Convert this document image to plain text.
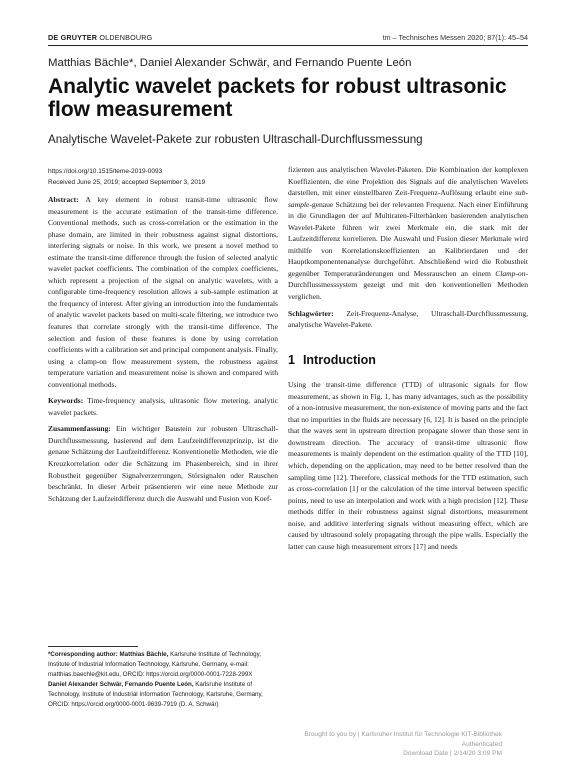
DE GRUYTER OLDENBOURG	tm – Technisches Messen 2020; 87(1): 45–54
Matthias Bächle*, Daniel Alexander Schwär, and Fernando Puente León
Analytic wavelet packets for robust ultrasonic flow measurement
Analytische Wavelet-Pakete zur robusten Ultraschall-Durchflussmessung
https://doi.org/10.1515/teme-2019-0093
Received June 25, 2019; accepted September 3, 2019

Abstract: A key element in robust transit-time ultrasonic flow measurement is the accurate estimation of the transit-time difference. Conventional methods, such as cross-correlation or the estimation in the phase domain, are limited in their robustness against signal distortions, interfering signals or noise. In this work, we present a novel method to estimate the transit-time difference through the fusion of selected analytic wavelet packet coefficients. The combination of the complex coefficients, which represent a projection of the signal on analytic wavelets, with a configurable time-frequency resolution allows a sub-sample estimation at the frequency of interest. After giving an introduction into the fundamentals of analytic wavelet packets based on multi-scale filtering, we introduce two features that correlate strongly with the transit-time difference. The selection and fusion of these features is done by using correlation coefficients with a calibration set and principal component analysis. Finally, using a clamp-on flow measurement system, the robustness against temperature variation and measurement noise is shown and compared with conventional methods.

Keywords: Time-frequency analysis, ultrasonic flow metering, analytic wavelet packets.

Zusammenfassung: Ein wichtiger Baustein zur robusten Ultraschall-Durchflussmessung, basierend auf dem Laufzeitdifferenzprinzip, ist die genaue Schätzung der Laufzeitdifferenz. Konventionelle Methoden, wie die Kreuzkorrelation oder die Schätzung im Phasenbereich, sind in ihrer Robustheit gegenüber Signalverzerrungen, Störsignalen oder Rauschen beschränkt. In dieser Arbeit präsentieren wir eine neue Methode zur Schätzung der Laufzeitdifferenz durch die Auswahl und Fusion von Koef-

*Corresponding author: Matthias Bächle, Karlsruhe Institute of Technology, Institute of Industrial Information Technology, Karlsruhe, Germany, e-mail: matthias.baechle@kit.edu, ORCID: https://orcid.org/0000-0001-7228-299X
Daniel Alexander Schwär, Fernando Puente León, Karlsruhe Institute of Technology, Institute of Industrial Information Technology, Karlsruhe, Germany, ORCID: https://orcid.org/0000-0001-9639-7919 (D. A. Schwär)

fizienten aus analytischen Wavelet-Paketen. Die Kombination der komplexen Koeffizienten, die eine Projektion des Signals auf die analytischen Wavelets darstellen, mit einer einstellbaren Zeit-Frequenz-Auflösung erlaubt eine sub-sample-genaue Schätzung bei der relevanten Frequenz. Nach einer Einführung in die Grundlagen der auf Multiraten-Filterbänken basierenden analytischen Wavelet-Pakete führen wir zwei Merkmale ein, die stark mit der Laufzeitdifferenz korrelieren. Die Auswahl und Fusion dieser Merkmale wird mithilfe von Korrelationskoeffizienten an Kalibrierdaten und der Hauptkomponentenanalyse durchgeführt. Abschließend wird die Robustheit gegenüber Temperaturänderungen und Messrauschen an einem Clamp-on-Durchflussmesssystem gezeigt und mit den konventionellen Methoden verglichen.

Schlagwörter: Zeit-Frequenz-Analyse, Ultraschall-Durchflussmessung, analytische Wavelet-Pakete.

1 Introduction

Using the transit-time difference (TTD) of ultrasonic signals for flow measurement, as shown in Fig. 1, has many advantages, such as the possibility of a non-intrusive measurement, the non-existence of moving parts and the fact that no impurities in the fluids are necessary [6, 12]. It is based on the principle that the waves sent in upstream direction propagate slower than those sent in downstream direction. The accuracy of transit-time ultrasonic flow measurements is mainly dependent on the estimation quality of the TTD [10], which, depending on the application, may need to be better resolved than the sampling time [12]. Therefore, classical methods for the TTD estimation, such as cross-correlation [1] or the calculation of the time interval between specific points, need to use an interpolation and work with a high precision [12]. These methods differ in their robustness against signal distortions, measurement noise, and additive interfering signals without measuring effect, which are caused by ultrasound solely propagating through the pipe walls. Especially the latter can cause high measurement errors [17] and needs

Brought to you by | Karlsruher Institut für Technologie KIT-Bibliothek
Authenticated
Download Date | 2/14/20 3:09 PM
